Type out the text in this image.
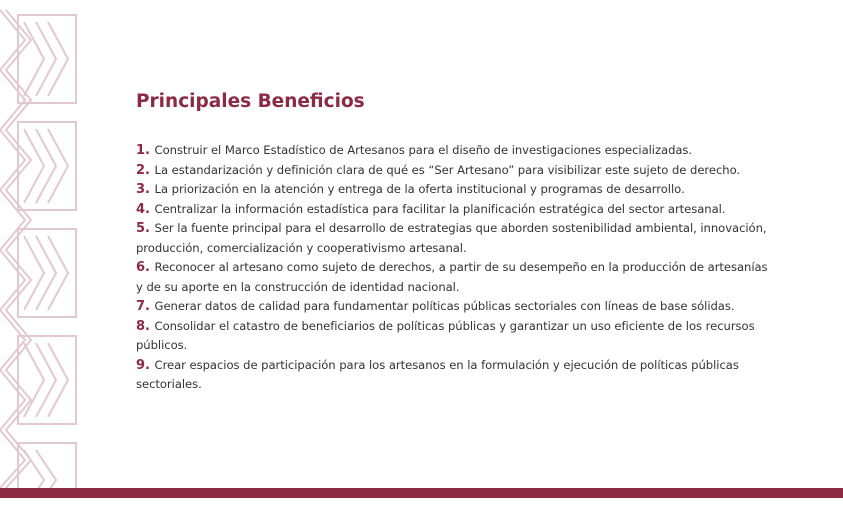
Principales Beneficios
1. Construir el Marco Estadístico de Artesanos para el diseño de investigaciones especializadas.
2. La estandarización y definición clara de qué es “Ser Artesano” para visibilizar este sujeto de derecho.
3. La priorización en la atención y entrega de la oferta institucional y programas de desarrollo.
4. Centralizar la información estadística para facilitar la planificación estratégica del sector artesanal.
5. Ser la fuente principal para el desarrollo de estrategias que aborden sostenibilidad ambiental, innovación, producción, comercialización y cooperativismo artesanal.
6. Reconocer al artesano como sujeto de derechos, a partir de su desempeño en la producción de artesanías y de su aporte en la construcción de identidad nacional.
7. Generar datos de calidad para fundamentar políticas públicas sectoriales con líneas de base sólidas.
8. Consolidar el catastro de beneficiarios de políticas públicas y garantizar un uso eficiente de los recursos públicos.
9. Crear espacios de participación para los artesanos en la formulación y ejecución de políticas públicas sectoriales.
